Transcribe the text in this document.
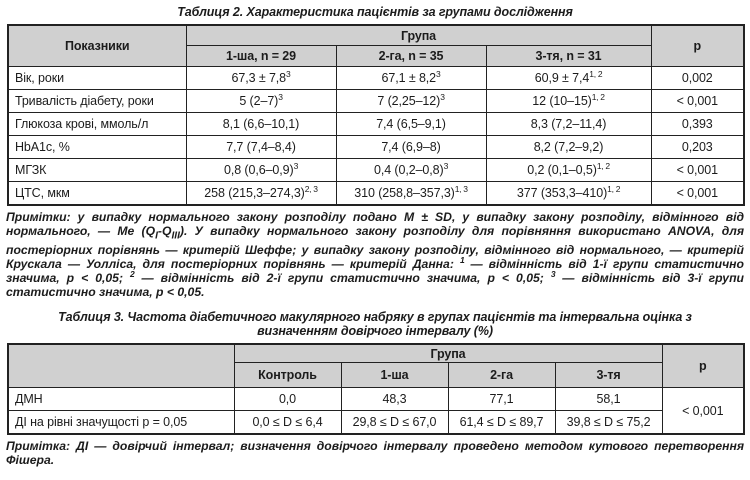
Таблиця 2. Характеристика пацієнтів за групами дослідження
Показники	Група			р
	1-ша, n = 29	2-га, n = 35	3-тя, n = 31	
Вік, роки	$67,3 \pm 7,8^3$	$67,1 \pm 8,2^3$	$60,9 \pm 7,4^{1, 2}$	0,002
Тривалість діабету, роки	5 $(2-7)^3$	7 $(2,25-12)^3$	12 $(10-15)^{1, 2}$	< 0,001
Глюкоза крові, ммоль/л	8,1 (6,6–10,1)	7,4 (6,5–9,1)	8,3 (7,2–11,4)	0,393
HbA1c, %	7,7 (7,4–8,4)	7,4 (6,9–8)	8,2 (7,2–9,2)	0,203
МГЗК	0,8 $(0,6-0,9)^3$	0,4 $(0,2-0,8)^3$	0,2 $(0,1-0,5)^{1, 2}$	< 0,001
ЦТС, мкм	258 $(215,3-274,3)^{2, 3}$	310 $(258,8-357,3)^{1, 3}$	377 $(353,3-410)^{1, 2}$	< 0,001

Примітки: у випадку нормального закону розподілу подано М ± SD, у випадку закону розподілу, відмінного від нормального, — Ме $(Q_I-Q_{III})$. У випадку нормального закону розподілу для порівняння використано ANOVA, для постеріорних порівнянь — критерій Шеффе; у випадку закону розподілу, відмінного від нормального, — критерій Крускала — Уолліса, для постеріорних порівнянь — критерій Данна: $^1$ — відмінність від 1-ї групи статистично значима, р < 0,05; $^2$ — відмінність від 2-ї групи статистично значима, р < 0,05; $^3$ — відмінність від 3-ї групи статистично значима, р < 0,05.

Таблиця 3. Частота діабетичного макулярного набряку в групах пацієнтів та інтервальна оцінка з визначенням довірчого інтервалу (%)
	Група				р
	Контроль	1-ша	2-га	3-тя	
ДМН	0,0	48,3	77,1	58,1	< 0,001
ДІ на рівні значущості р = 0,05	0,0 ≤ D ≤ 6,4	29,8 ≤ D ≤ 67,0	61,4 ≤ D ≤ 89,7	39,8 ≤ D ≤ 75,2	

Примітка: ДІ — довірчий інтервал; визначення довірчого інтервалу проведено методом кутового перетворення Фішера.
